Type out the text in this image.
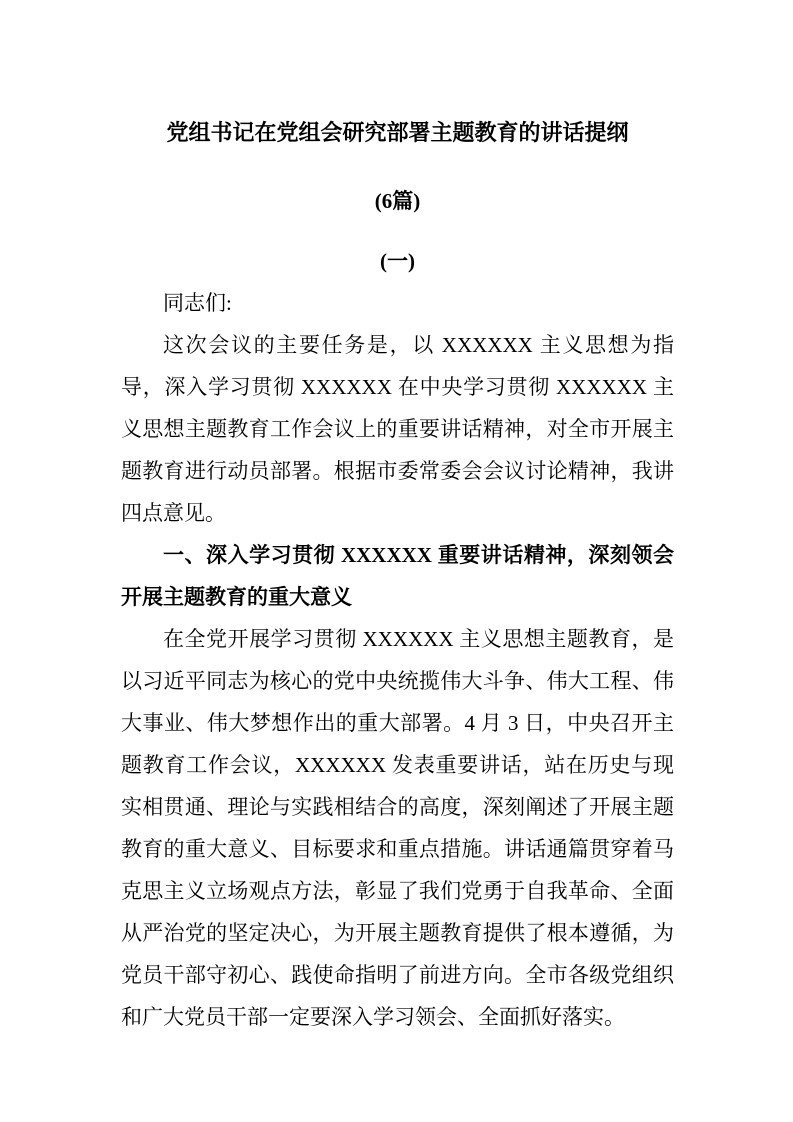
党组书记在党组会研究部署主题教育的讲话提纲

(6篇)

(一)

同志们:

这次会议的主要任务是，以 XXXXXX 主义思想为指导，深入学习贯彻 XXXXXX 在中央学习贯彻 XXXXXX 主义思想主题教育工作会议上的重要讲话精神，对全市开展主题教育进行动员部署。根据市委常委会会议讨论精神，我讲四点意见。

一、深入学习贯彻 XXXXXX 重要讲话精神，深刻领会开展主题教育的重大意义

在全党开展学习贯彻 XXXXXX 主义思想主题教育，是以习近平同志为核心的党中央统揽伟大斗争、伟大工程、伟大事业、伟大梦想作出的重大部署。4 月 3 日，中央召开主题教育工作会议，XXXXXX 发表重要讲话，站在历史与现实相贯通、理论与实践相结合的高度，深刻阐述了开展主题教育的重大意义、目标要求和重点措施。讲话通篇贯穿着马克思主义立场观点方法，彰显了我们党勇于自我革命、全面从严治党的坚定决心，为开展主题教育提供了根本遵循，为党员干部守初心、践使命指明了前进方向。全市各级党组织和广大党员干部一定要深入学习领会、全面抓好落实。
